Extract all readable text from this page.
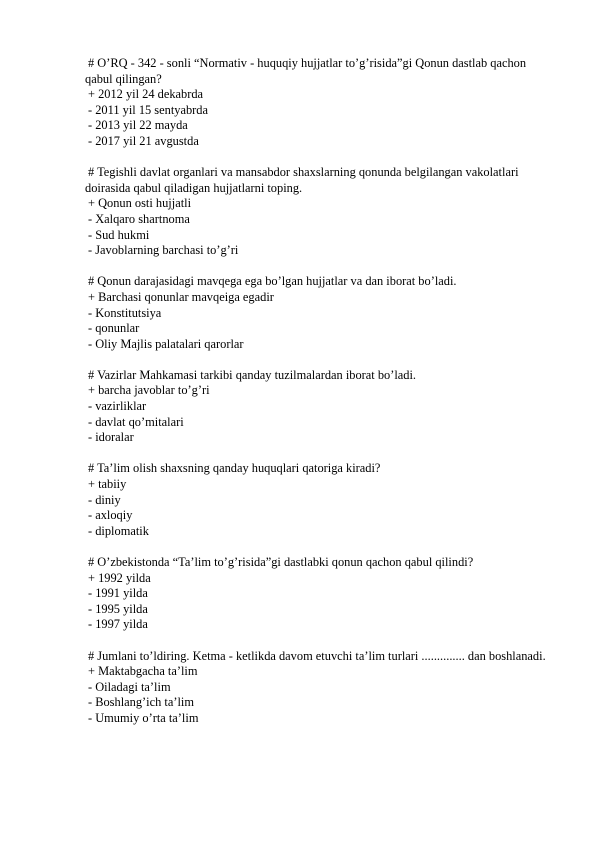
# O’RQ - 342 - sonli “Normativ - huquqiy hujjatlar to’g’risida”gi Qonun dastlab qachon qabul qilingan?
+ 2012 yil 24 dekabrda
- 2011 yil 15 sentyabrda
- 2013 yil 22 mayda
- 2017 yil 21 avgustda
# Tegishli davlat organlari va mansabdor shaxslarning qonunda belgilangan vakolatlari doirasida qabul qiladigan hujjatlarni toping.
+ Qonun osti hujjatli
- Xalqaro shartnoma
- Sud hukmi
- Javoblarning barchasi to’g’ri
# Qonun darajasidagi mavqega ega bo’lgan hujjatlar va dan iborat bo’ladi.
+ Barchasi qonunlar mavqeiga egadir
- Konstitutsiya
- qonunlar
- Oliy Majlis palatalari qarorlar
# Vazirlar Mahkamasi tarkibi qanday tuzilmalardan iborat bo’ladi.
+ barcha javoblar to’g’ri
- vazirliklar
- davlat qo’mitalari
- idoralar
# Ta’lim olish shaxsning qanday huquqlari qatoriga kiradi?
+ tabiiy
- diniy
- axloqiy
- diplomatik
# O’zbekistonda “Ta’lim to’g’risida”gi dastlabki qonun qachon qabul qilindi?
+ 1992 yilda
- 1991 yilda
- 1995 yilda
- 1997 yilda
# Jumlani to’ldiring. Ketma - ketlikda davom etuvchi ta’lim turlari .............. dan boshlanadi.
+ Maktabgacha ta’lim
- Oiladagi ta’lim
- Boshlang’ich ta’lim
- Umumiy o’rta ta’lim
